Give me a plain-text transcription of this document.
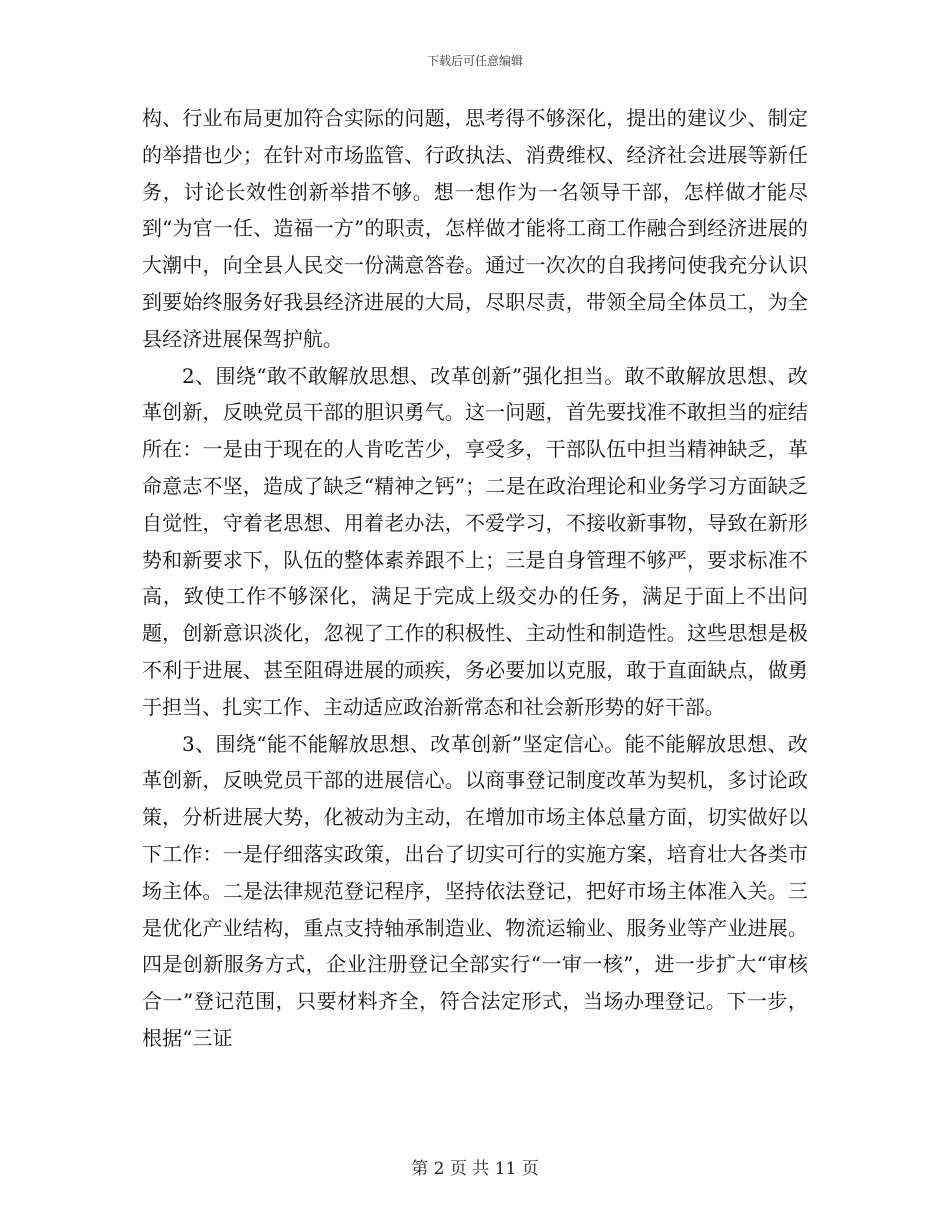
下载后可任意编辑

构、行业布局更加符合实际的问题，思考得不够深化，提出的建议少、制定的举措也少；在针对市场监管、行政执法、消费维权、经济社会进展等新任务，讨论长效性创新举措不够。想一想作为一名领导干部，怎样做才能尽到“为官一任、造福一方”的职责，怎样做才能将工商工作融合到经济进展的大潮中，向全县人民交一份满意答卷。通过一次次的自我拷问使我充分认识到要始终服务好我县经济进展的大局，尽职尽责，带领全局全体员工，为全县经济进展保驾护航。

2、围绕“敢不敢解放思想、改革创新”强化担当。敢不敢解放思想、改革创新，反映党员干部的胆识勇气。这一问题，首先要找准不敢担当的症结所在：一是由于现在的人肯吃苦少，享受多，干部队伍中担当精神缺乏，革命意志不坚，造成了缺乏“精神之钙”；二是在政治理论和业务学习方面缺乏自觉性，守着老思想、用着老办法，不爱学习，不接收新事物，导致在新形势和新要求下，队伍的整体素养跟不上；三是自身管理不够严，要求标准不高，致使工作不够深化，满足于完成上级交办的任务，满足于面上不出问题，创新意识淡化，忽视了工作的积极性、主动性和制造性。这些思想是极不利于进展、甚至阻碍进展的顽疾，务必要加以克服，敢于直面缺点，做勇于担当、扎实工作、主动适应政治新常态和社会新形势的好干部。

3、围绕“能不能解放思想、改革创新”坚定信心。能不能解放思想、改革创新，反映党员干部的进展信心。以商事登记制度改革为契机，多讨论政策，分析进展大势，化被动为主动，在增加市场主体总量方面，切实做好以下工作：一是仔细落实政策，出台了切实可行的实施方案，培育壮大各类市场主体。二是法律规范登记程序，坚持依法登记，把好市场主体准入关。三是优化产业结构，重点支持轴承制造业、物流运输业、服务业等产业进展。四是创新服务方式，企业注册登记全部实行“一审一核”，进一步扩大“审核合一”登记范围，只要材料齐全，符合法定形式，当场办理登记。下一步，根据“三证

第 2 页 共 11 页
